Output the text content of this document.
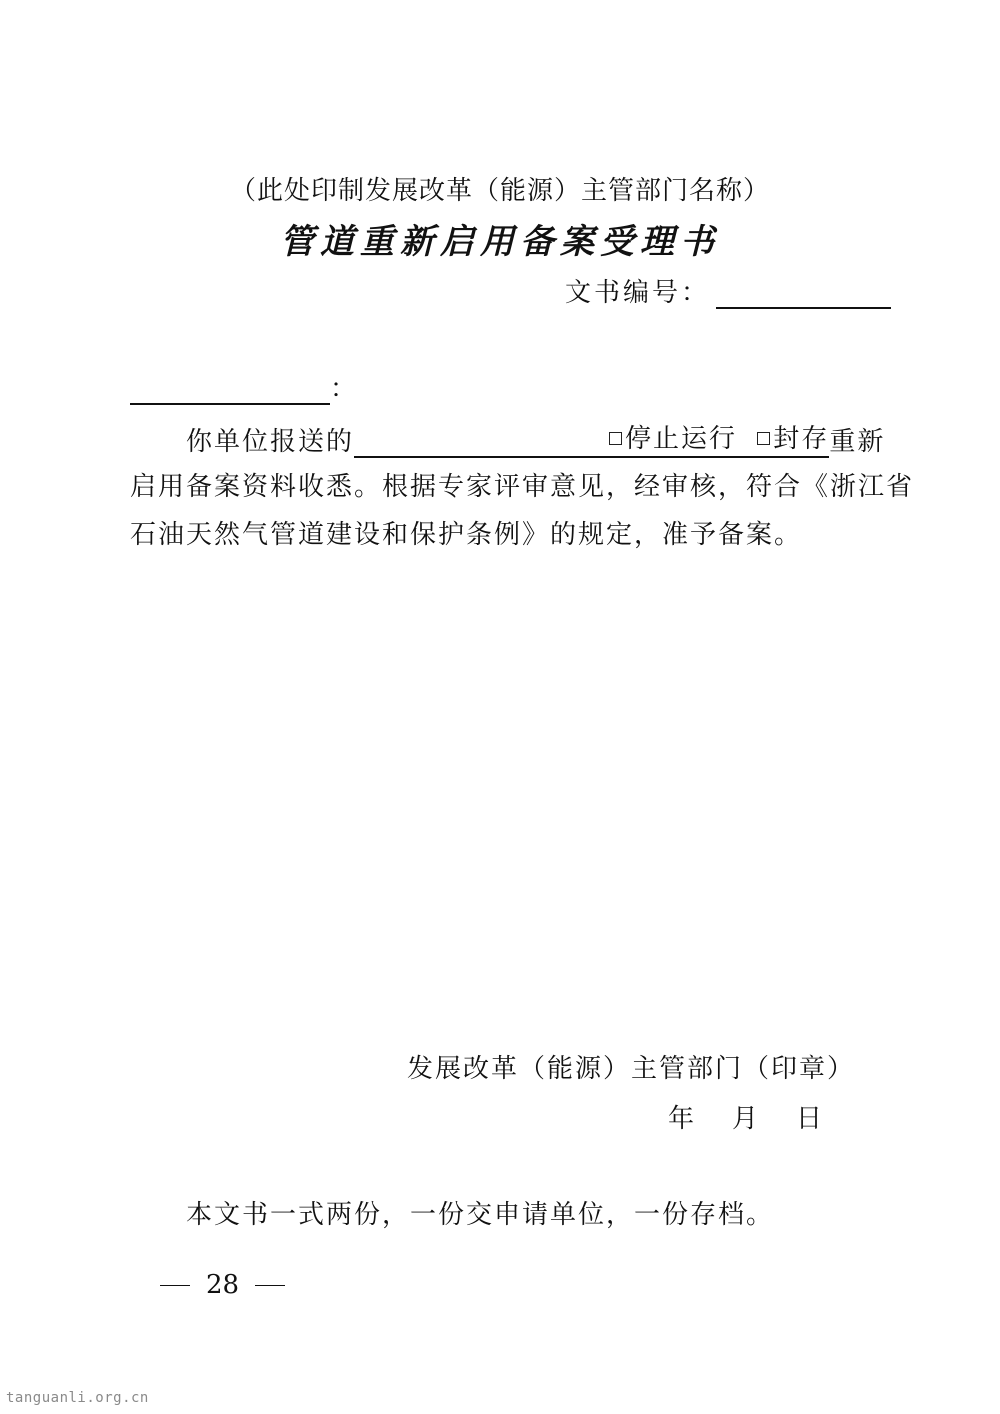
（此处印制发展改革（能源）主管部门名称）
管道重新启用备案受理书
文书编号：
：
你单位报送的	停止运行 封存 重新
启用备案资料收悉。根据专家评审意见，经审核，符合《浙江省
石油天然气管道建设和保护条例》的规定，准予备案。
发展改革（能源）主管部门（印章）
年 月 日
本文书一式两份，一份交申请单位，一份存档。
28
tanguanli.org.cn
